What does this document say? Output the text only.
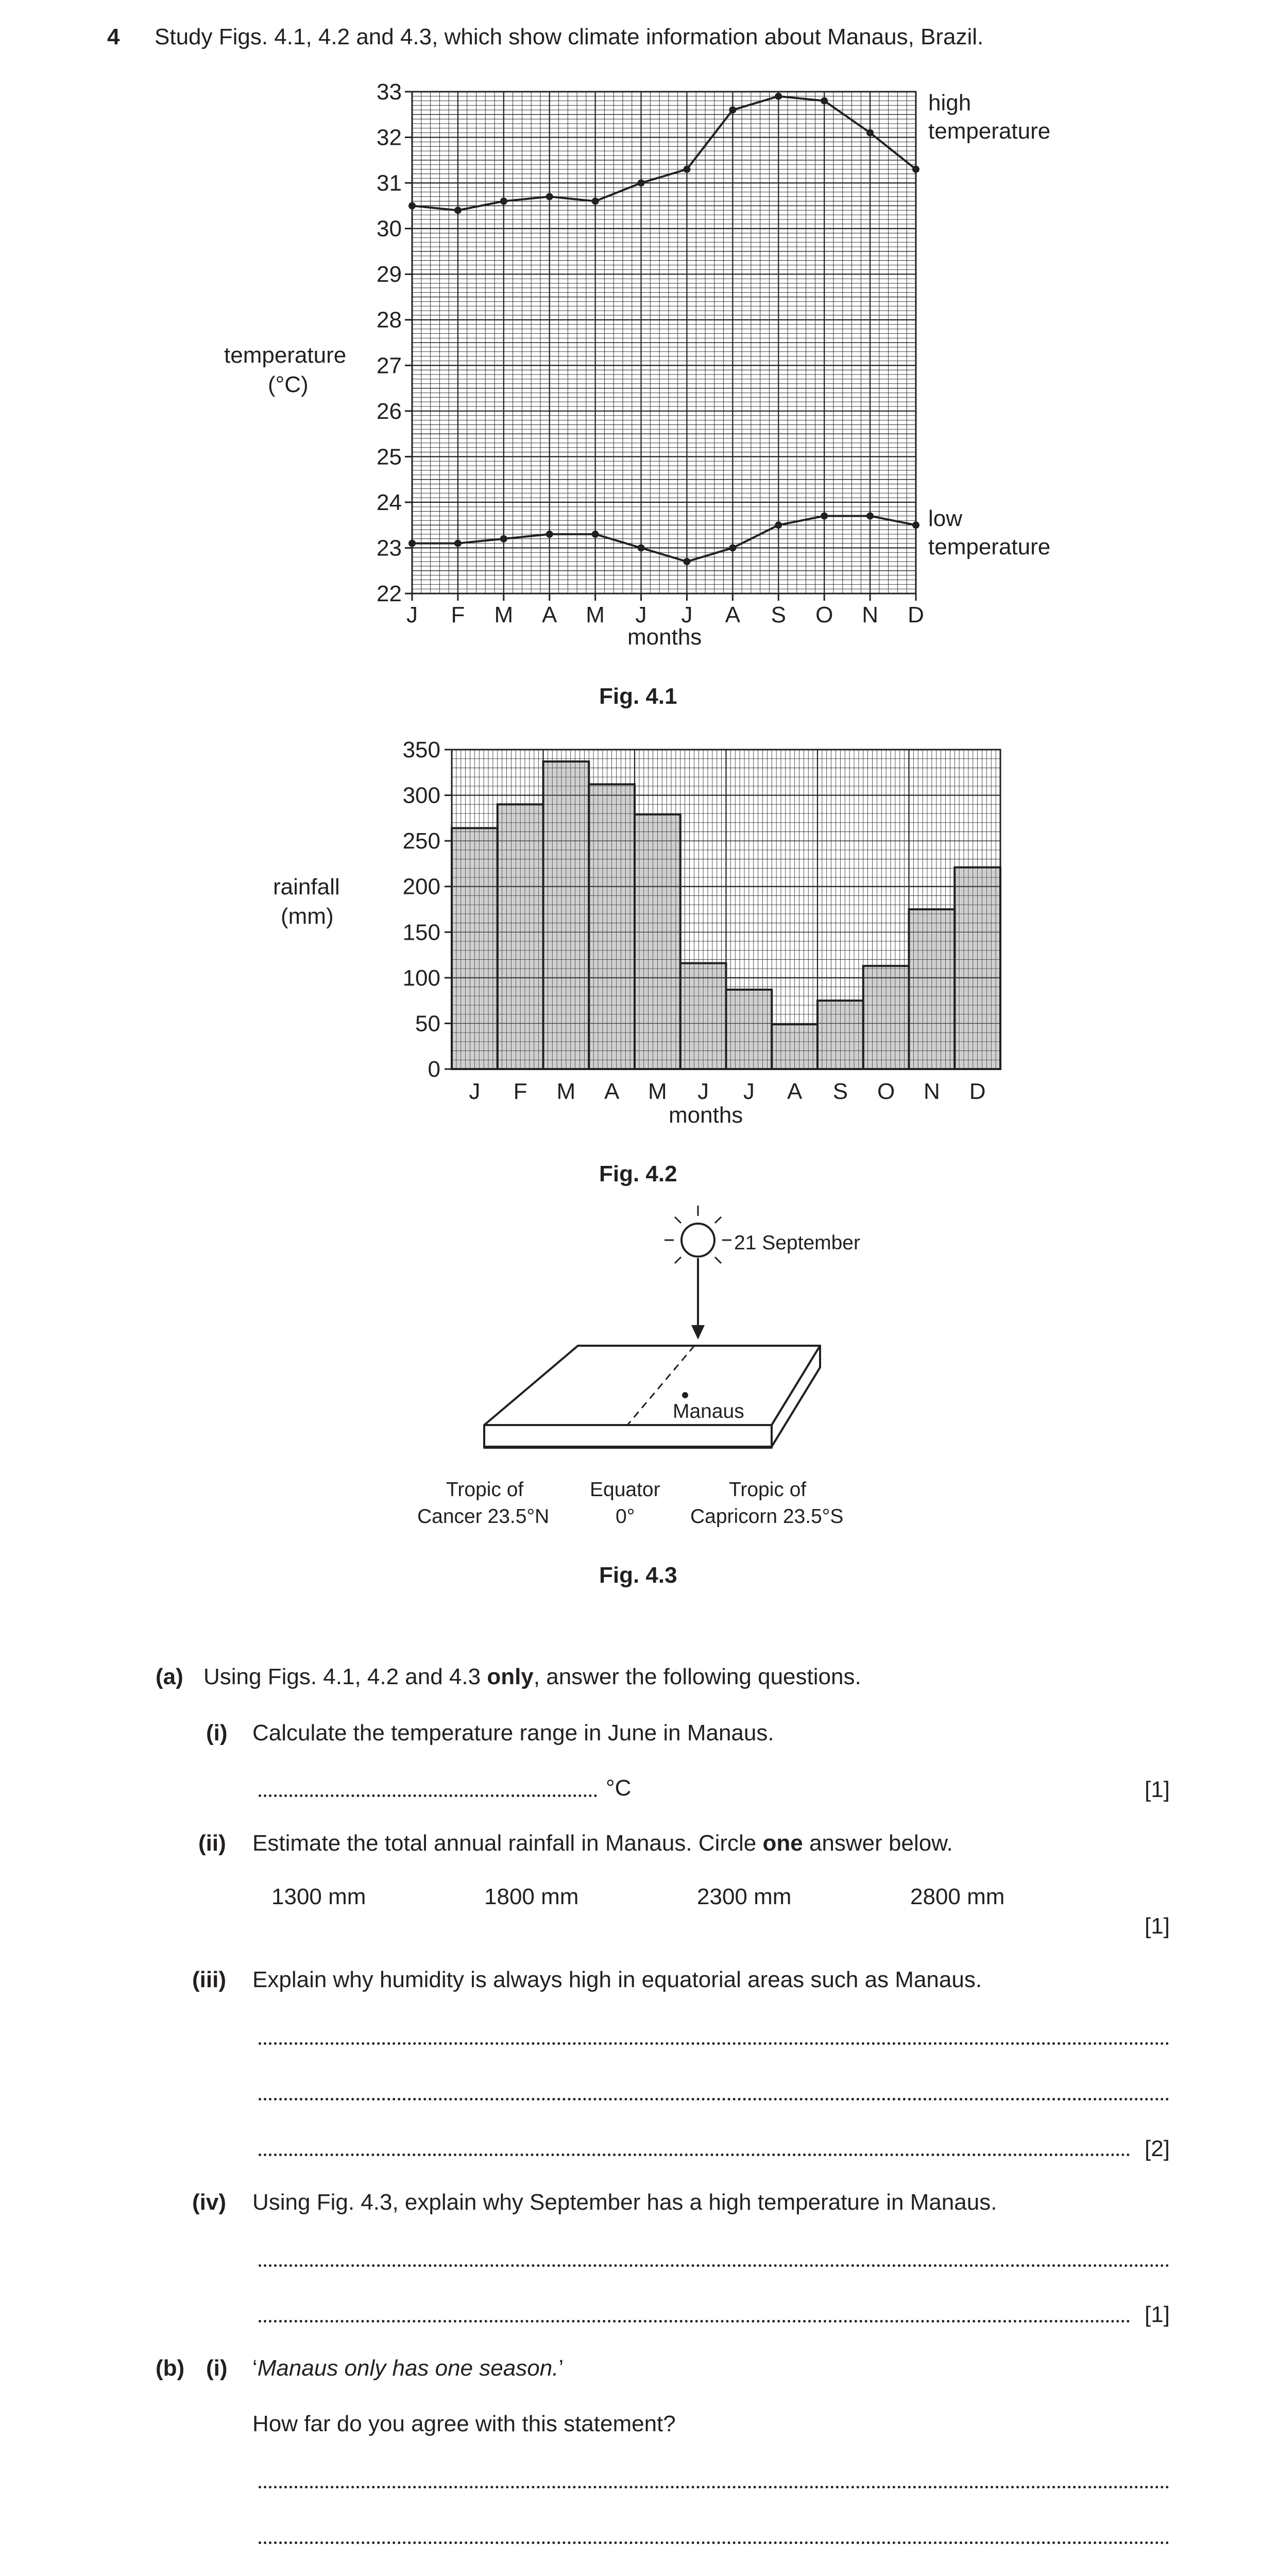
4 Study Figs. 4.1, 4.2 and 4.3, which show climate information about Manaus, Brazil.
22
23
24
25
26
27
28
29
30
31
32
33
J F M A M J J A S O N D
temperature
(°C)
high
temperature
low
temperature
months
Fig. 4.1
0
50
100
150
200
250
300
350
J F M A M J J A S O N D
rainfall
(mm)
months
Fig. 4.2
21 September
Manaus
Tropic of
Cancer 23.5°N
Equator
0°
Tropic of
Capricorn 23.5°S
Fig. 4.3
(a) Using Figs. 4.1, 4.2 and 4.3 only, answer the following questions.
(i) Calculate the temperature range in June in Manaus.
°C	[1]
(ii) Estimate the total annual rainfall in Manaus. Circle one answer below.
1300 mm	1800 mm	2300 mm	2800 mm
[1]
(iii) Explain why humidity is always high in equatorial areas such as Manaus.
[2]
(iv) Using Fig. 4.3, explain why September has a high temperature in Manaus.
[1]
(b) (i) ‘Manaus only has one season.’
How far do you agree with this statement?
